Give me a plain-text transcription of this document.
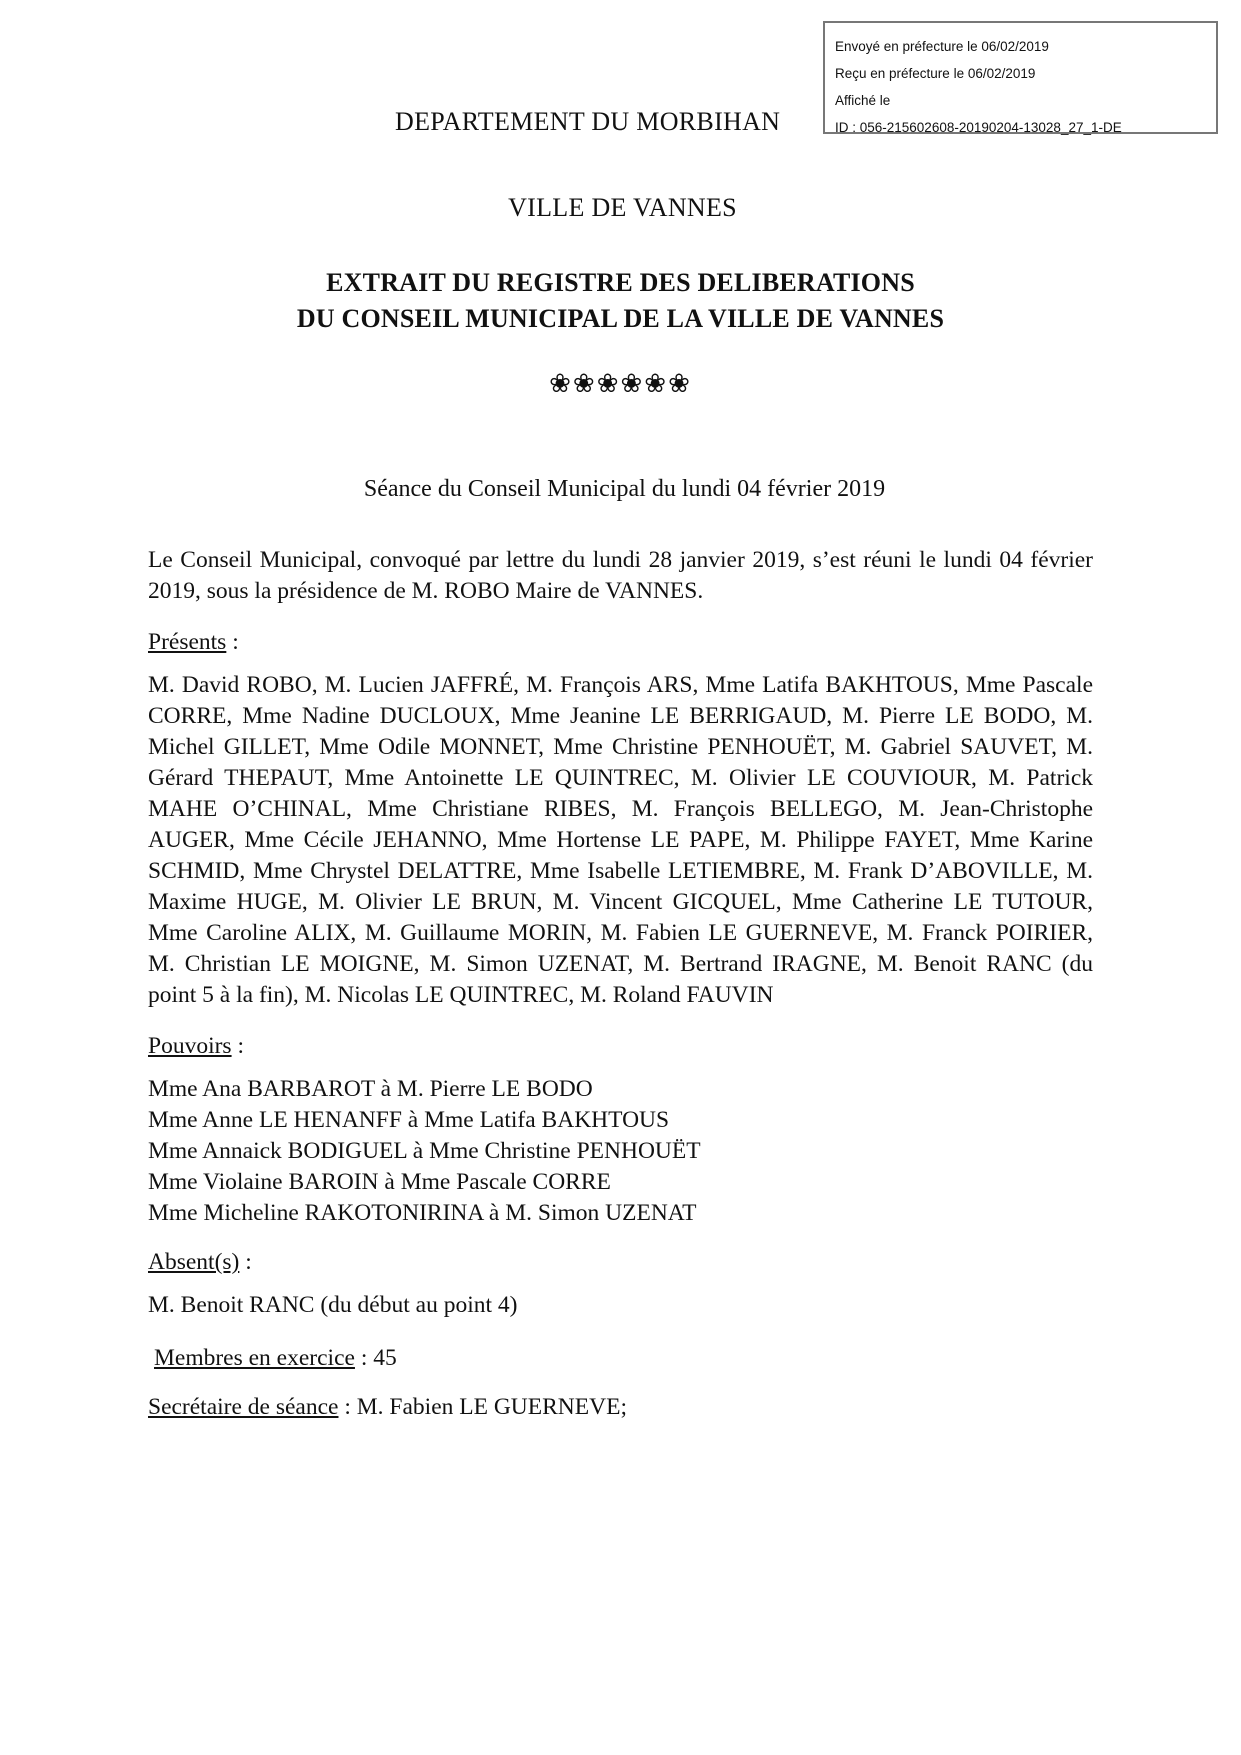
Envoyé en préfecture le 06/02/2019
Reçu en préfecture le 06/02/2019
Affiché le
ID : 056-215602608-20190204-13028_27_1-DE
DEPARTEMENT DU MORBIHAN
VILLE DE VANNES
EXTRAIT DU REGISTRE DES DELIBERATIONS
DU CONSEIL MUNICIPAL DE LA VILLE DE VANNES
❀❀❀❀❀❀
Séance du Conseil Municipal du lundi 04 février 2019

Le Conseil Municipal, convoqué par lettre du lundi 28 janvier 2019, s’est réuni le lundi 04 février 2019, sous la présidence de M. ROBO Maire de VANNES.

Présents :

M. David ROBO, M. Lucien JAFFRÉ, M. François ARS, Mme Latifa BAKHTOUS, Mme Pascale CORRE, Mme Nadine DUCLOUX, Mme Jeanine LE BERRIGAUD, M. Pierre LE BODO, M. Michel GILLET, Mme Odile MONNET, Mme Christine PENHOUËT, M. Gabriel SAUVET, M. Gérard THEPAUT, Mme Antoinette LE QUINTREC, M. Olivier LE COUVIOUR, M. Patrick MAHE O’CHINAL, Mme Christiane RIBES, M. François BELLEGO, M. Jean-Christophe AUGER, Mme Cécile JEHANNO, Mme Hortense LE PAPE, M. Philippe FAYET, Mme Karine SCHMID, Mme Chrystel DELATTRE, Mme Isabelle LETIEMBRE, M. Frank D’ABOVILLE, M. Maxime HUGE, M. Olivier LE BRUN, M. Vincent GICQUEL, Mme Catherine LE TUTOUR, Mme Caroline ALIX, M. Guillaume MORIN, M. Fabien LE GUERNEVE, M. Franck POIRIER, M. Christian LE MOIGNE, M. Simon UZENAT, M. Bertrand IRAGNE, M. Benoit RANC (du point 5 à la fin), M. Nicolas LE QUINTREC, M. Roland FAUVIN

Pouvoirs :

Mme Ana BARBAROT à M. Pierre LE BODO
Mme Anne LE HENANFF à Mme Latifa BAKHTOUS
Mme Annaick BODIGUEL à Mme Christine PENHOUËT
Mme Violaine BAROIN à Mme Pascale CORRE
Mme Micheline RAKOTONIRINA à M. Simon UZENAT

Absent(s) :

M. Benoit RANC (du début au point 4)

Membres en exercice : 45

Secrétaire de séance : M. Fabien LE GUERNEVE;
